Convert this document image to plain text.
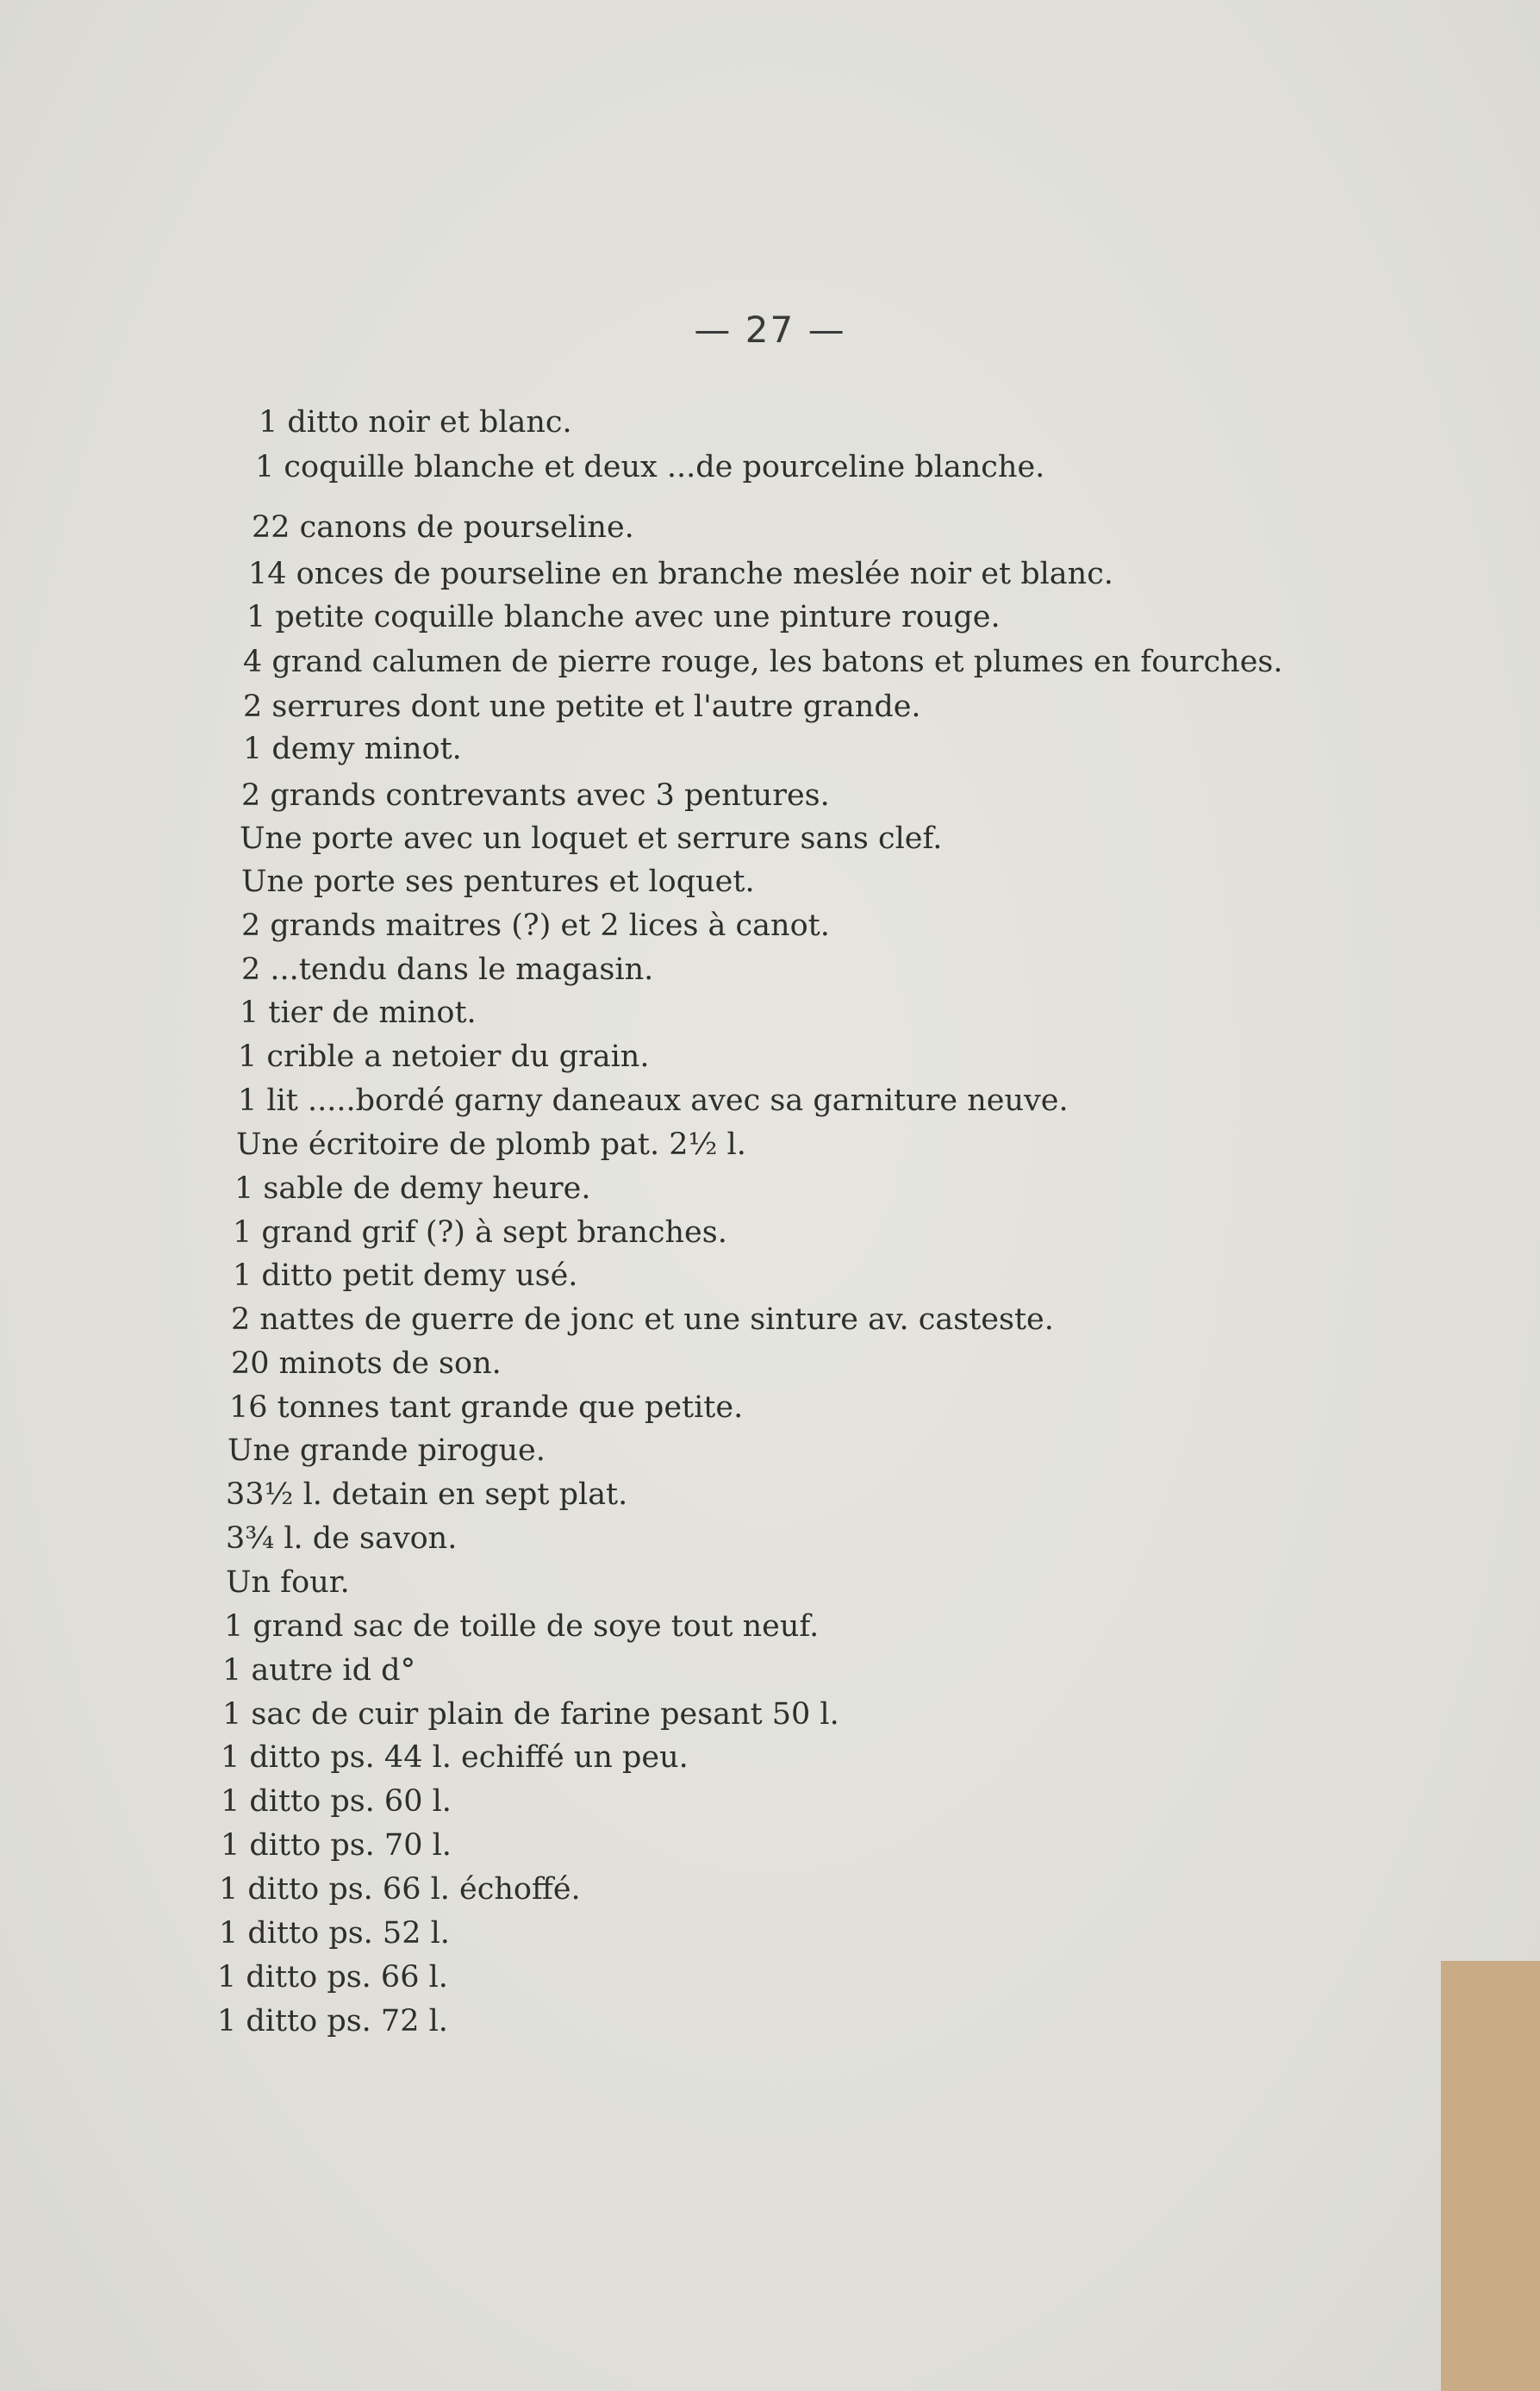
— 27 —
1 ditto noir et blanc.
1 coquille blanche et deux ...de pourceline blanche.
22 canons de pourseline.
14 onces de pourseline en branche meslée noir et blanc.
1 petite coquille blanche avec une pinture rouge.
4 grand calumen de pierre rouge, les batons et plumes en fourches.
2 serrures dont une petite et l'autre grande.
1 demy minot.
2 grands contrevants avec 3 pentures.
Une porte avec un loquet et serrure sans clef.
Une porte ses pentures et loquet.
2 grands maitres (?) et 2 lices à canot.
2 ...tendu dans le magasin.
1 tier de minot.
1 crible a netoier du grain.
1 lit .....bordé garny daneaux avec sa garniture neuve.
Une écritoire de plomb pat. 2½ l.
1 sable de demy heure.
1 grand grif (?) à sept branches.
1 ditto petit demy usé.
2 nattes de guerre de jonc et une sinture av. casteste.
20 minots de son.
16 tonnes tant grande que petite.
Une grande pirogue.
33½ l. detain en sept plat.
3¾ l. de savon.
Un four.
1 grand sac de toille de soye tout neuf.
1 autre id d°
1 sac de cuir plain de farine pesant 50 l.
1 ditto ps. 44 l. echiffé un peu.
1 ditto ps. 60 l.
1 ditto ps. 70 l.
1 ditto ps. 66 l. échoffé.
1 ditto ps. 52 l.
1 ditto ps. 66 l.
1 ditto ps. 72 l.
